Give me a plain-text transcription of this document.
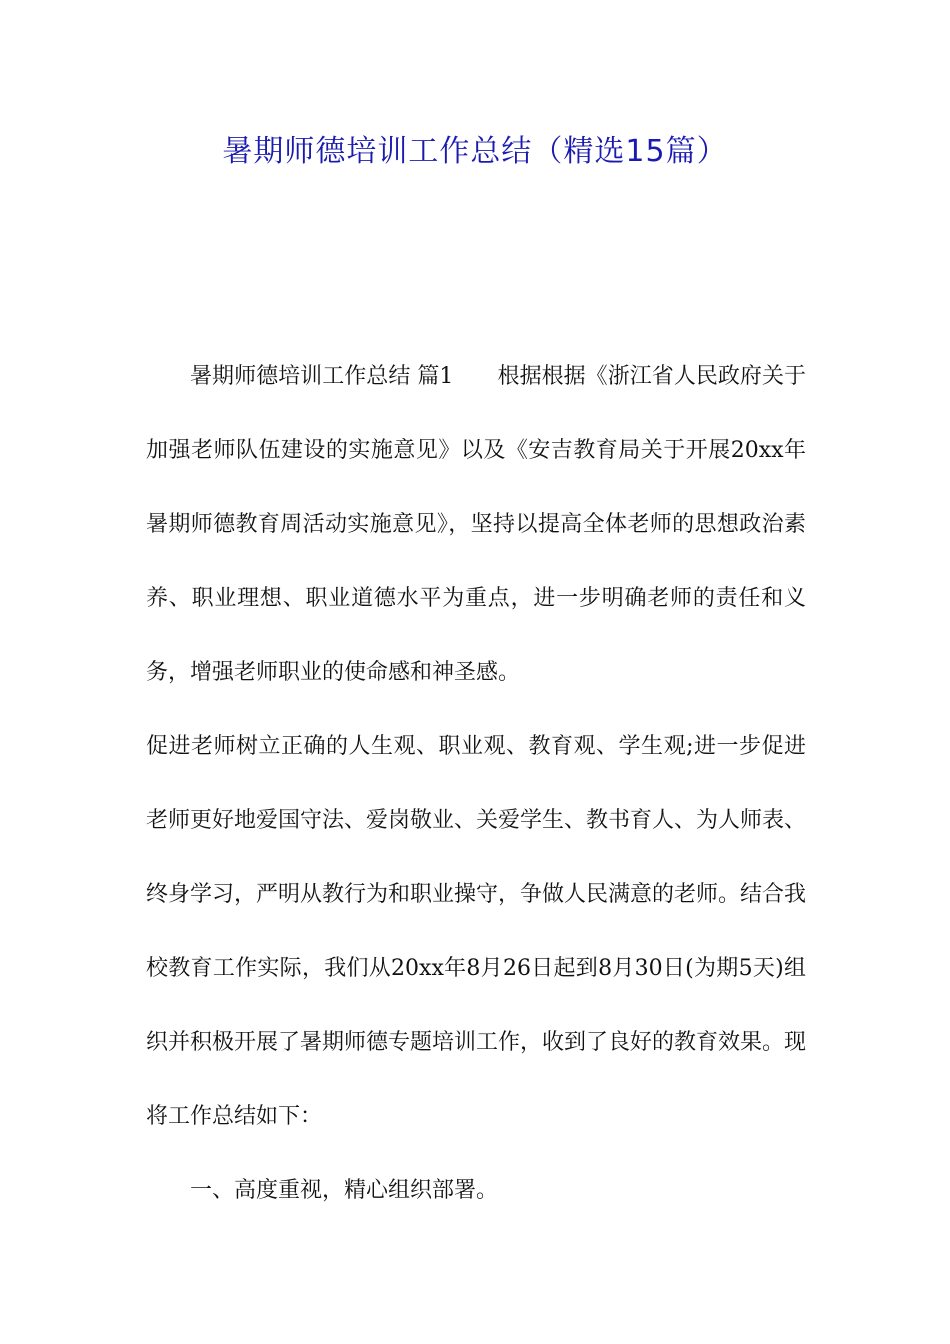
暑期师德培训工作总结（精选15篇）

暑期师德培训工作总结 篇1　　根据根据《浙江省人民政府关于加强老师队伍建设的实施意见》以及《安吉教育局关于开展20xx年暑期师德教育周活动实施意见》，坚持以提高全体老师的思想政治素养、职业理想、职业道德水平为重点，进一步明确老师的责任和义务，增强老师职业的使命感和神圣感。

促进老师树立正确的人生观、职业观、教育观、学生观;进一步促进老师更好地爱国守法、爱岗敬业、关爱学生、教书育人、为人师表、终身学习，严明从教行为和职业操守，争做人民满意的老师。结合我校教育工作实际，我们从20xx年8月26日起到8月30日(为期5天)组织并积极开展了暑期师德专题培训工作，收到了良好的教育效果。现将工作总结如下：

一、高度重视，精心组织部署。
